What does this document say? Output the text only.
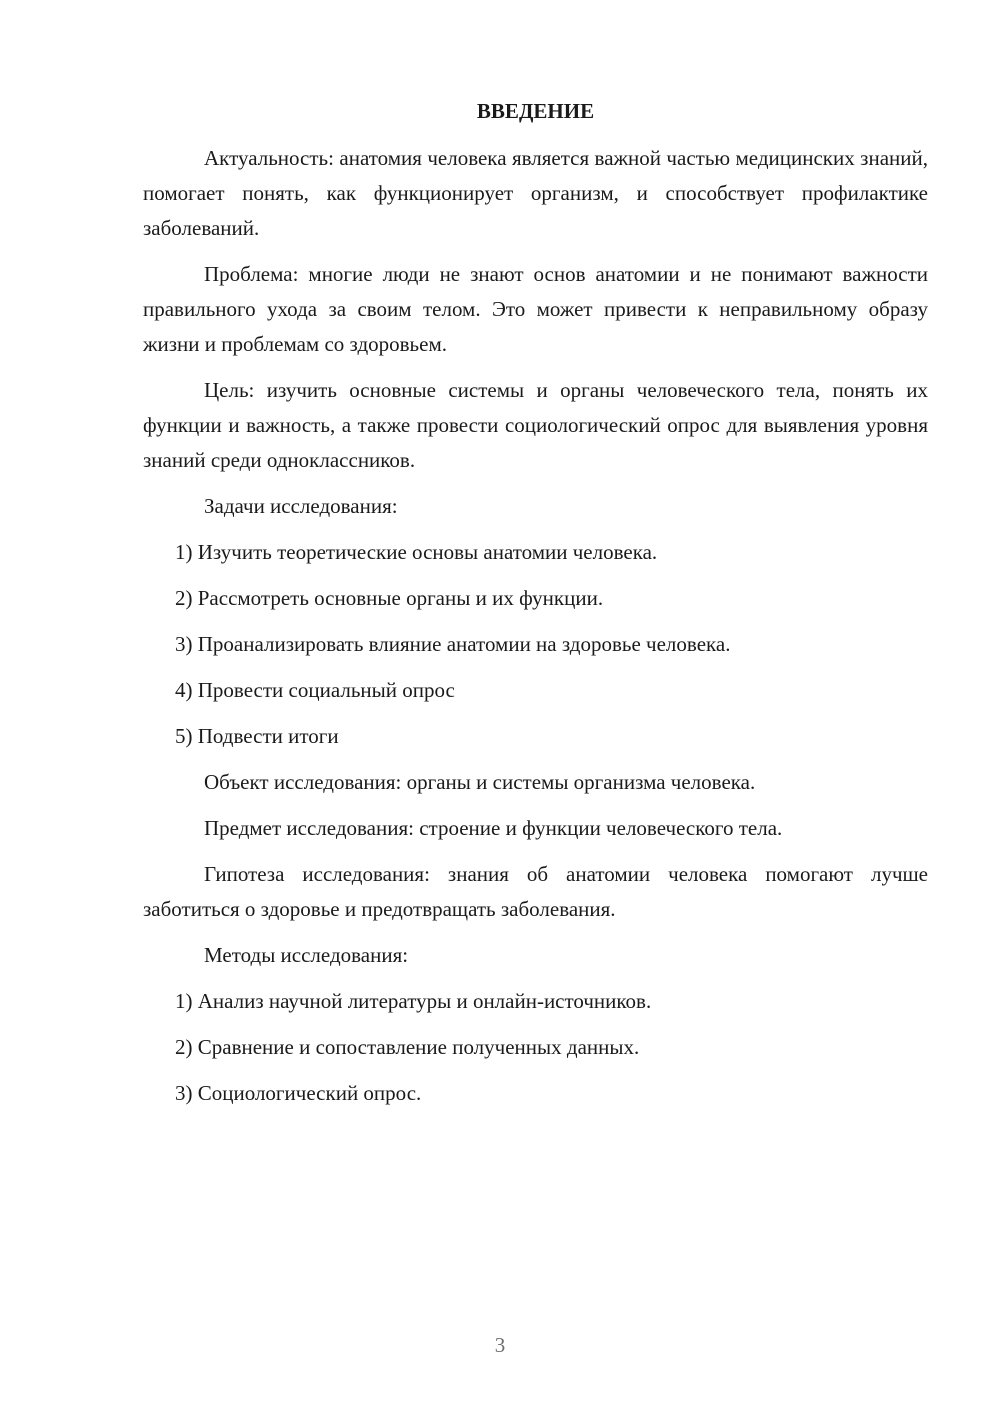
ВВЕДЕНИЕ

Актуальность: анатомия человека является важной частью медицинских знаний, помогает понять, как функционирует организм, и способствует профилактике заболеваний.

Проблема: многие люди не знают основ анатомии и не понимают важности правильного ухода за своим телом. Это может привести к неправильному образу жизни и проблемам со здоровьем.

Цель: изучить основные системы и органы человеческого тела, понять их функции и важность, а также провести социологический опрос для выявления уровня знаний среди одноклассников.

Задачи исследования:

1) Изучить теоретические основы анатомии человека.

2) Рассмотреть основные органы и их функции.

3) Проанализировать влияние анатомии на здоровье человека.

4) Провести социальный опрос

5) Подвести итоги

Объект исследования: органы и системы организма человека.

Предмет исследования: строение и функции человеческого тела.

Гипотеза исследования: знания об анатомии человека помогают лучше заботиться о здоровье и предотвращать заболевания.

Методы исследования:

1) Анализ научной литературы и онлайн-источников.

2) Сравнение и сопоставление полученных данных.

3) Социологический опрос.

3
